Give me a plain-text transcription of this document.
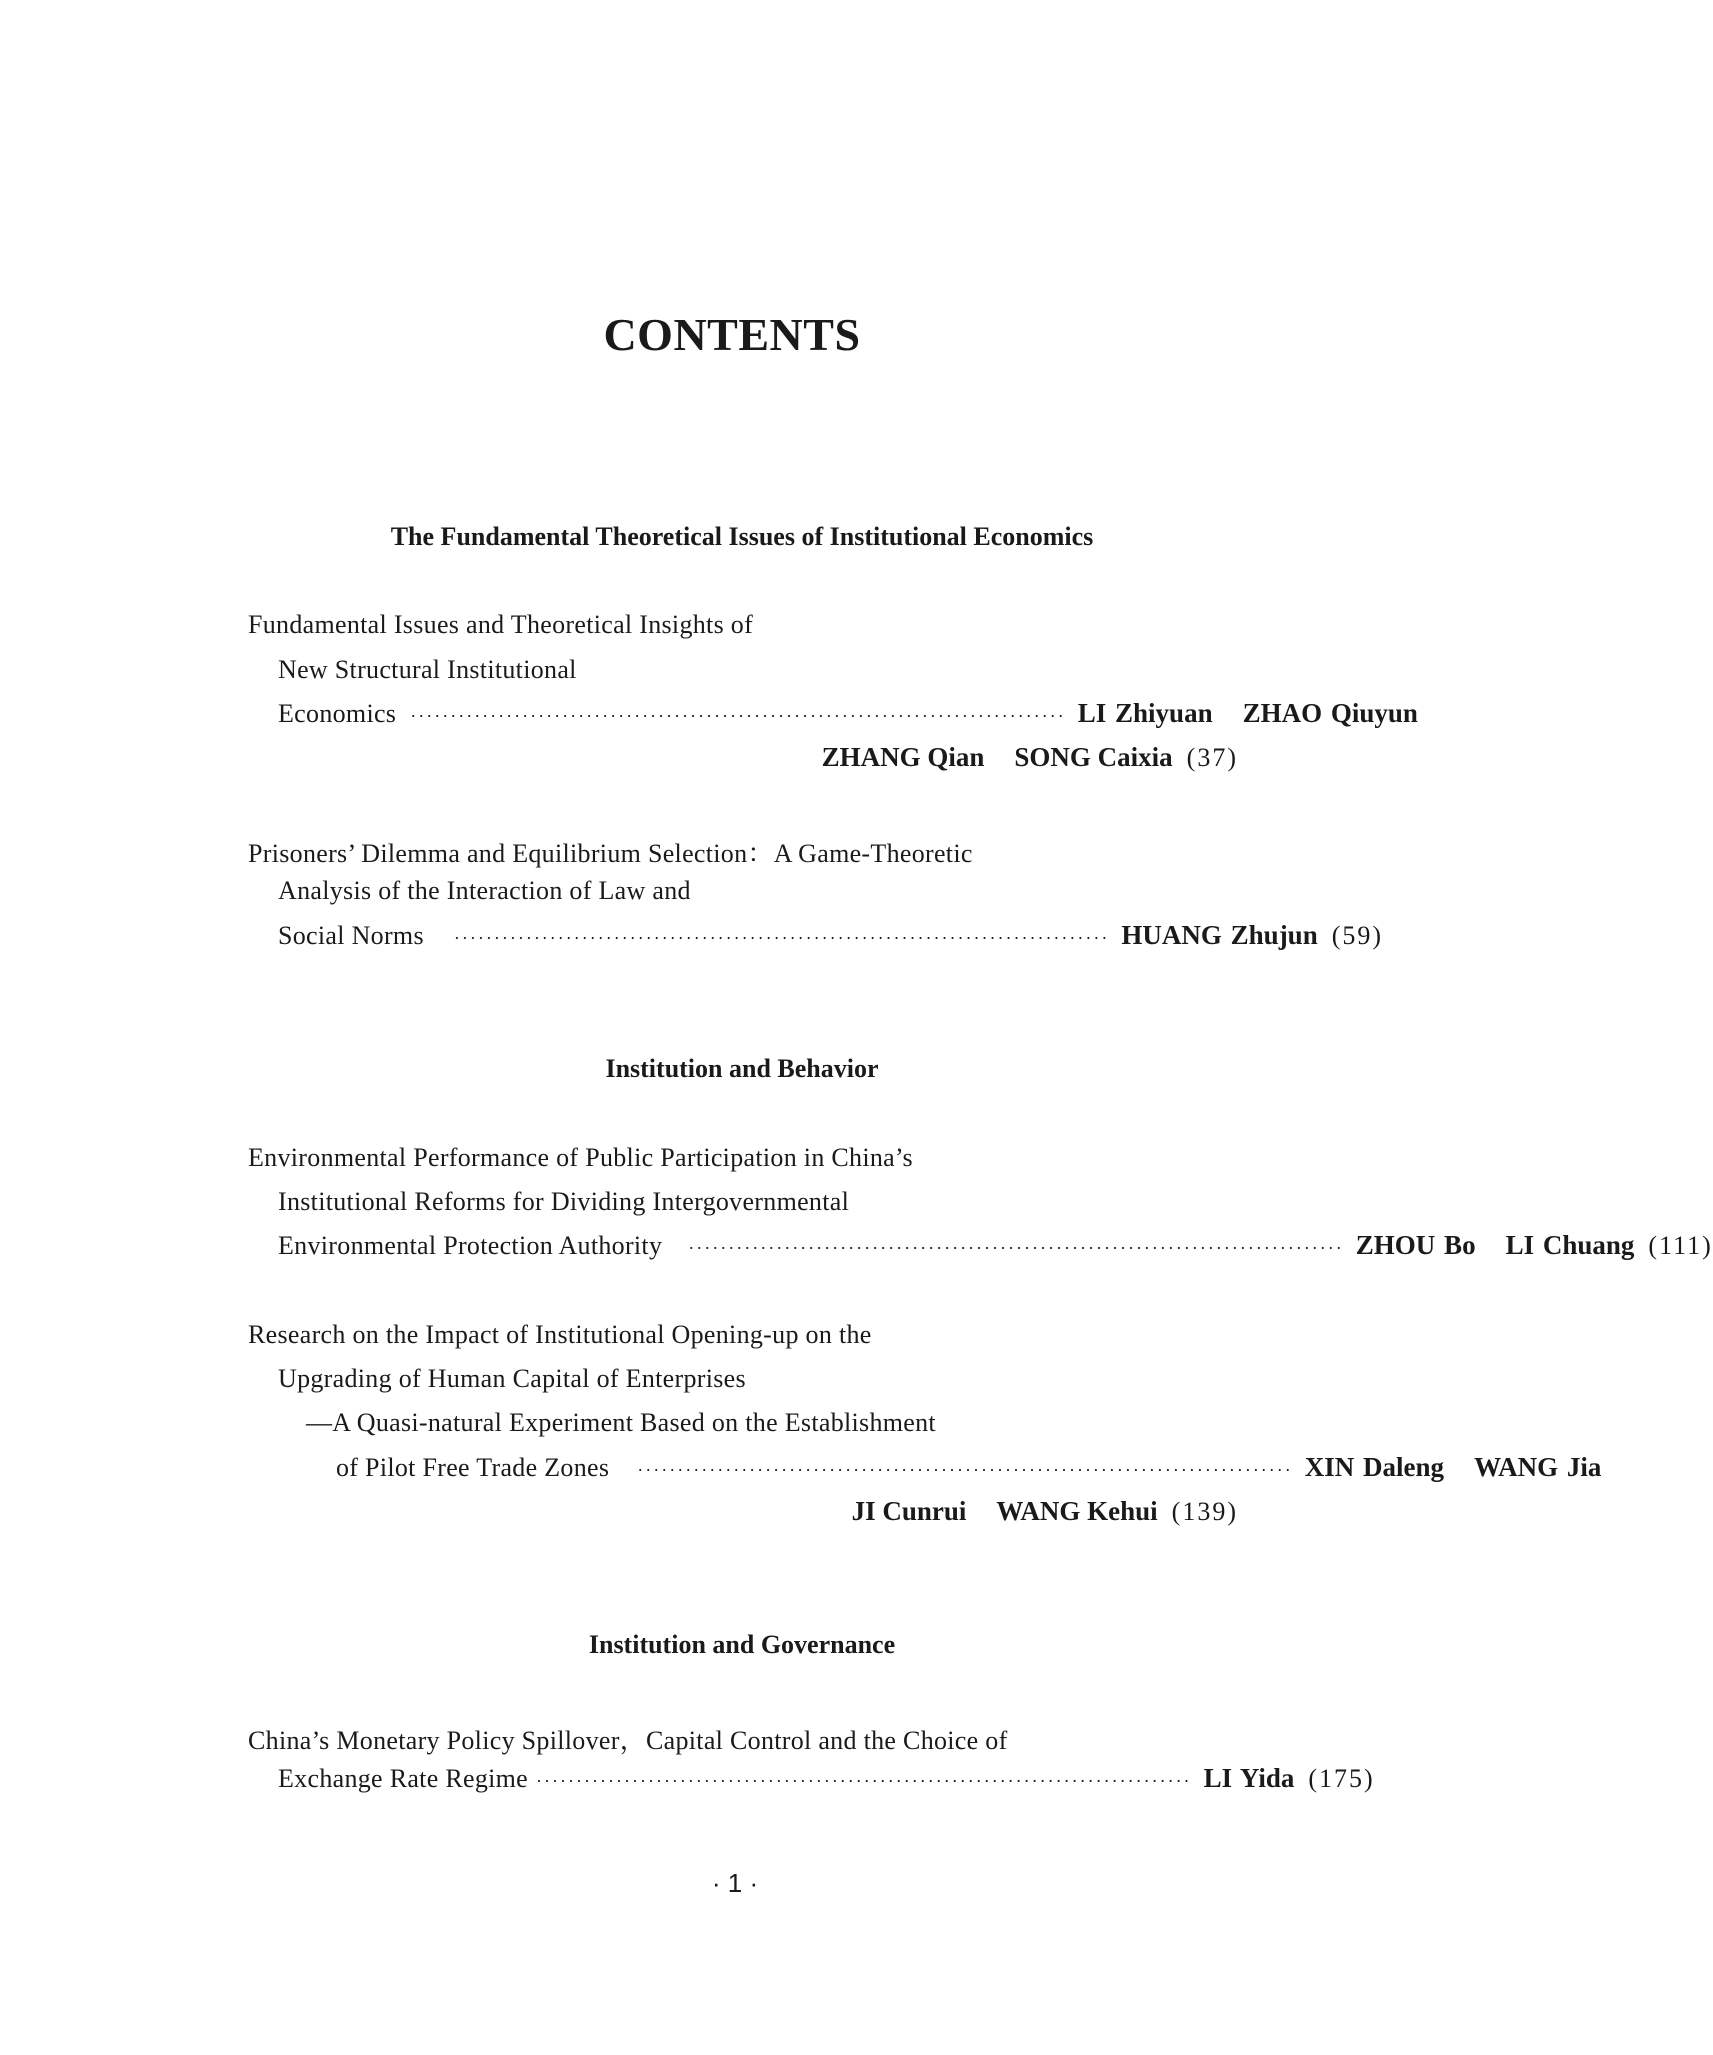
CONTENTS
The Fundamental Theoretical Issues of Institutional Economics
Fundamental Issues and Theoretical Insights of
New Structural Institutional
Economics ·················································································· LI Zhiyuan ZHAO Qiuyun
ZHANG Qian SONG Caixia (37)
Prisoners’ Dilemma and Equilibrium Selection：A Game-Theoretic
Analysis of the Interaction of Law and
Social Norms ·················································································· HUANG Zhujun (59)
Institution and Behavior
Environmental Performance of Public Participation in China’s
Institutional Reforms for Dividing Intergovernmental
Environmental Protection Authority ·················································································· ZHOU Bo LI Chuang (111)
Research on the Impact of Institutional Opening-up on the
Upgrading of Human Capital of Enterprises
—A Quasi-natural Experiment Based on the Establishment
of Pilot Free Trade Zones ·················································································· XIN Daleng WANG Jia
JI Cunrui WANG Kehui (139)
Institution and Governance
China’s Monetary Policy Spillover，Capital Control and the Choice of
Exchange Rate Regime ·················································································· LI Yida (175)
· 1 ·
